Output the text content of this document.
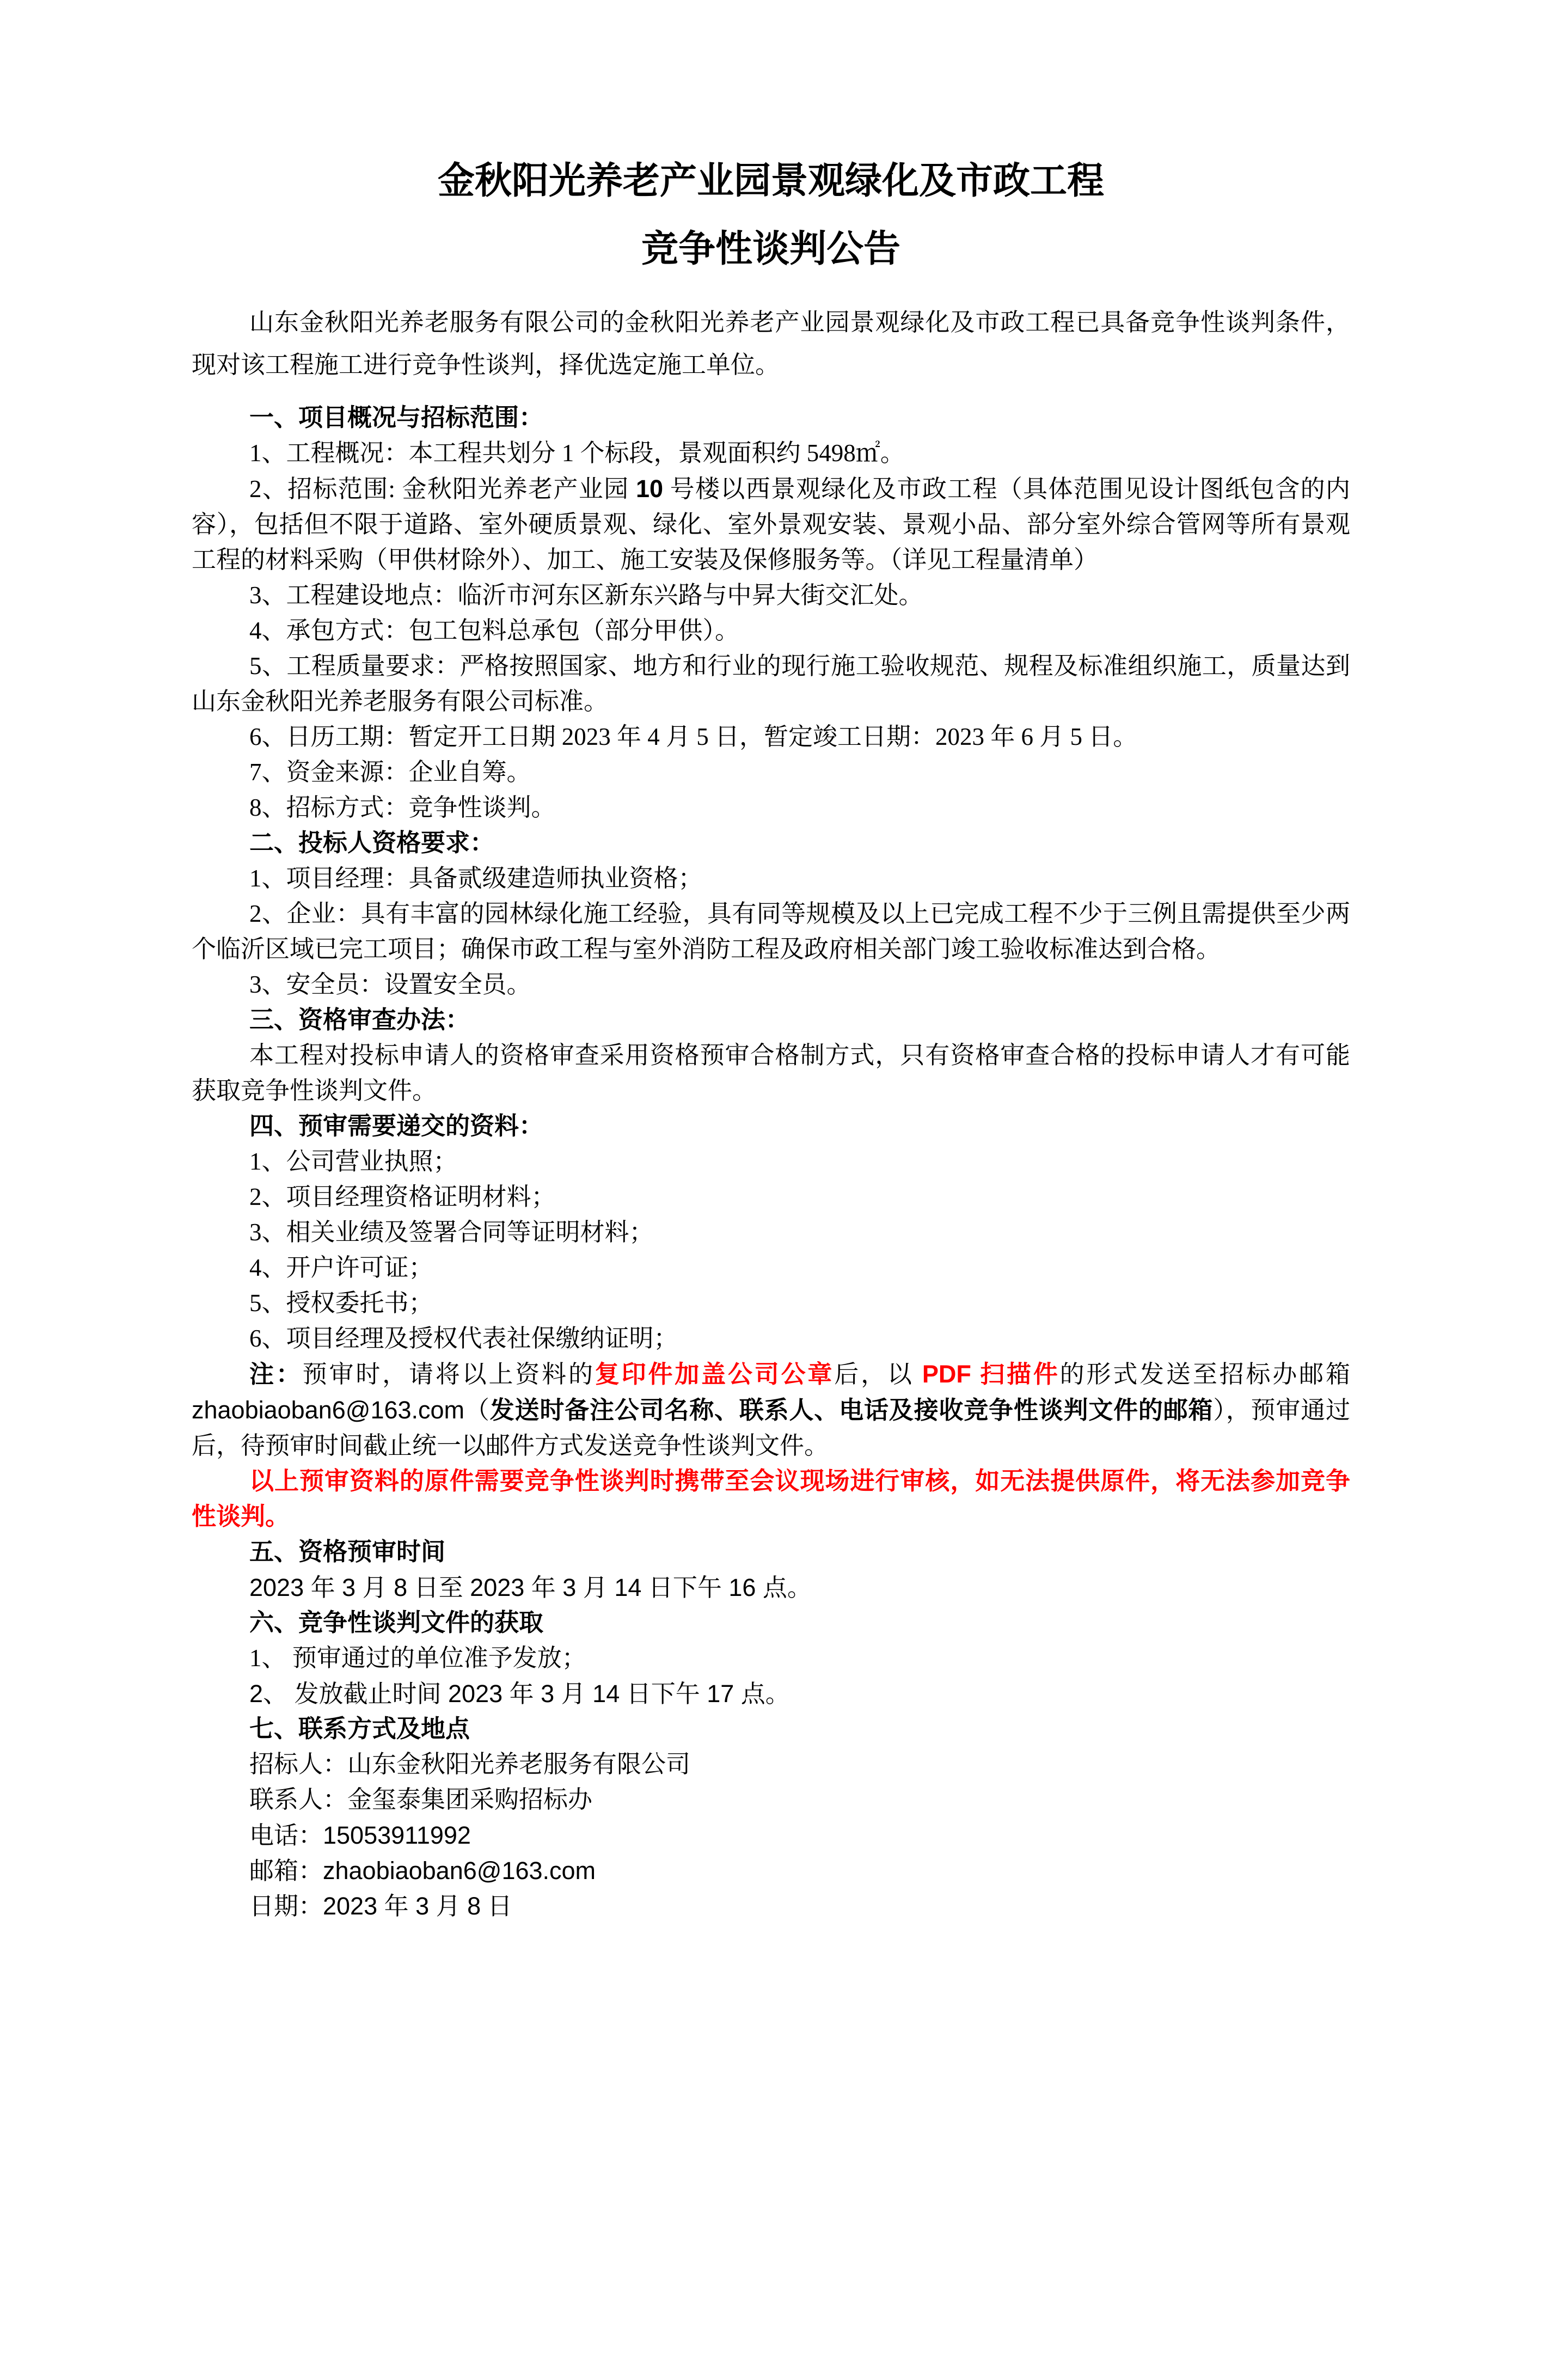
金秋阳光养老产业园景观绿化及市政工程
竞争性谈判公告

山东金秋阳光养老服务有限公司的金秋阳光养老产业园景观绿化及市政工程已具备竞争性谈判条件，现对该工程施工进行竞争性谈判，择优选定施工单位。

一、项目概况与招标范围：

1、工程概况：本工程共划分 1 个标段，景观面积约 5498㎡。

2、招标范围: 金秋阳光养老产业园 10 号楼以西景观绿化及市政工程（具体范围见设计图纸包含的内容），包括但不限于道路、室外硬质景观、绿化、室外景观安装、景观小品、部分室外综合管网等所有景观工程的材料采购（甲供材除外）、加工、施工安装及保修服务等。（详见工程量清单）

3、工程建设地点：临沂市河东区新东兴路与中昇大街交汇处。

4、承包方式：包工包料总承包（部分甲供）。

5、工程质量要求：严格按照国家、地方和行业的现行施工验收规范、规程及标准组织施工，质量达到山东金秋阳光养老服务有限公司标准。

6、日历工期：暂定开工日期 2023 年 4 月 5 日，暂定竣工日期：2023 年 6 月 5 日。

7、资金来源：企业自筹。

8、招标方式：竞争性谈判。

二、投标人资格要求：

1、项目经理：具备贰级建造师执业资格；

2、企业：具有丰富的园林绿化施工经验，具有同等规模及以上已完成工程不少于三例且需提供至少两个临沂区域已完工项目；确保市政工程与室外消防工程及政府相关部门竣工验收标准达到合格。

3、安全员：设置安全员。

三、资格审查办法：

本工程对投标申请人的资格审查采用资格预审合格制方式，只有资格审查合格的投标申请人才有可能获取竞争性谈判文件。

四、预审需要递交的资料：

1、公司营业执照；

2、项目经理资格证明材料；

3、相关业绩及签署合同等证明材料；

4、开户许可证；

5、授权委托书；

6、项目经理及授权代表社保缴纳证明；

注：预审时，请将以上资料的复印件加盖公司公章后，以 PDF 扫描件的形式发送至招标办邮箱 zhaobiaoban6@163.com（发送时备注公司名称、联系人、电话及接收竞争性谈判文件的邮箱），预审通过后，待预审时间截止统一以邮件方式发送竞争性谈判文件。

以上预审资料的原件需要竞争性谈判时携带至会议现场进行审核，如无法提供原件，将无法参加竞争性谈判。

五、资格预审时间

2023 年 3 月 8 日至 2023 年 3 月 14 日下午 16 点。

六、竞争性谈判文件的获取

1、 预审通过的单位准予发放；

2、 发放截止时间 2023 年 3 月 14 日下午 17 点。

七、联系方式及地点

招标人：山东金秋阳光养老服务有限公司

联系人：金玺泰集团采购招标办

电话：15053911992

邮箱：zhaobiaoban6@163.com

日期：2023 年 3 月 8 日
